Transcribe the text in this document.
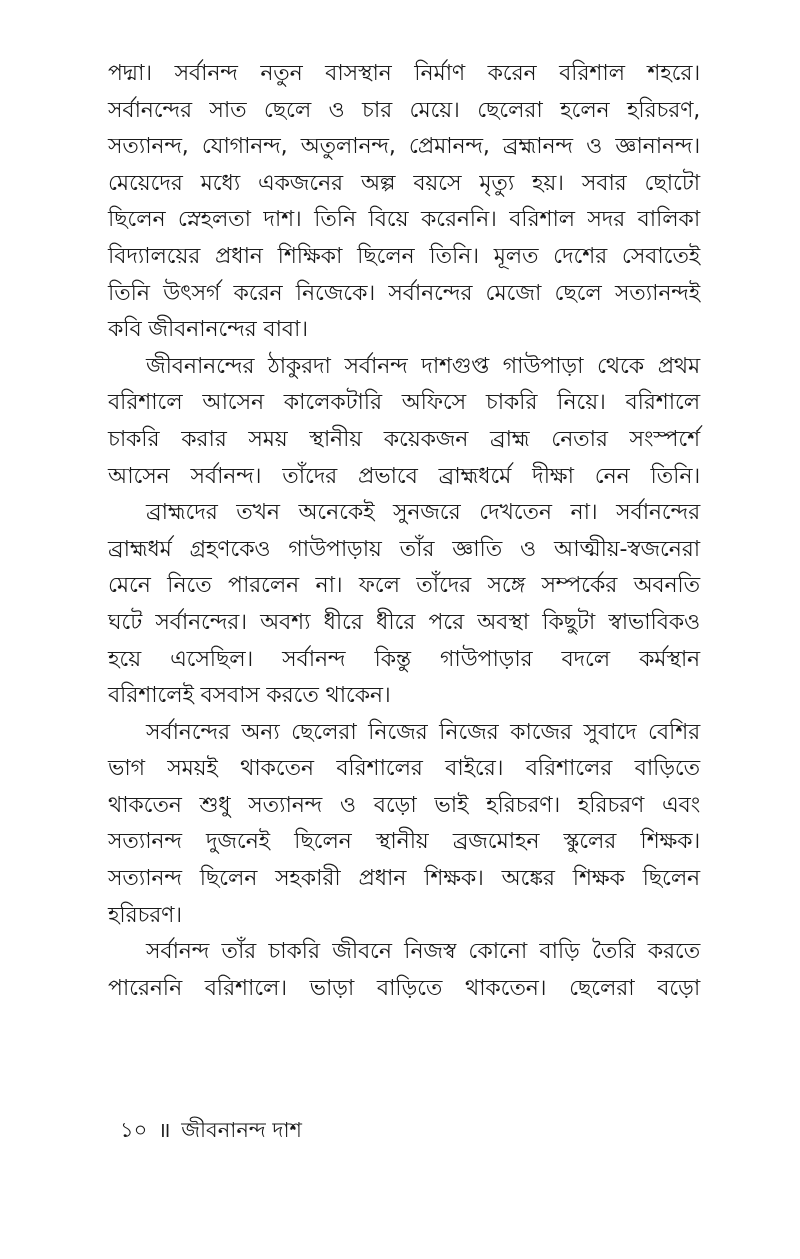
পদ্মা। সর্বানন্দ নতুন বাসস্থান নির্মাণ করেন বরিশাল শহরে।
সর্বানন্দের সাত ছেলে ও চার মেয়ে। ছেলেরা হলেন হরিচরণ,
সত্যানন্দ, যোগানন্দ, অতুলানন্দ, প্রেমানন্দ, ব্রহ্মানন্দ ও জ্ঞানানন্দ।
মেয়েদের মধ্যে একজনের অল্প বয়সে মৃত্যু হয়। সবার ছোটো
ছিলেন স্নেহলতা দাশ। তিনি বিয়ে করেননি। বরিশাল সদর বালিকা
বিদ্যালয়ের প্রধান শিক্ষিকা ছিলেন তিনি। মূলত দেশের সেবাতেই
তিনি উৎসর্গ করেন নিজেকে। সর্বানন্দের মেজো ছেলে সত্যানন্দই
কবি জীবনানন্দের বাবা।
জীবনানন্দের ঠাকুরদা সর্বানন্দ দাশগুপ্ত গাউপাড়া থেকে প্রথম
বরিশালে আসেন কালেকটারি অফিসে চাকরি নিয়ে। বরিশালে
চাকরি করার সময় স্থানীয় কয়েকজন ব্রাহ্ম নেতার সংস্পর্শে
আসেন সর্বানন্দ। তাঁদের প্রভাবে ব্রাহ্মধর্মে দীক্ষা নেন তিনি।
ব্রাহ্মদের তখন অনেকেই সুনজরে দেখতেন না। সর্বানন্দের
ব্রাহ্মধর্ম গ্রহণকেও গাউপাড়ায় তাঁর জ্ঞাতি ও আত্মীয়-স্বজনেরা
মেনে নিতে পারলেন না। ফলে তাঁদের সঙ্গে সম্পর্কের অবনতি
ঘটে সর্বানন্দের। অবশ্য ধীরে ধীরে পরে অবস্থা কিছুটা স্বাভাবিকও
হয়ে এসেছিল। সর্বানন্দ কিন্তু গাউপাড়ার বদলে কর্মস্থান
বরিশালেই বসবাস করতে থাকেন।
সর্বানন্দের অন্য ছেলেরা নিজের নিজের কাজের সুবাদে বেশির
ভাগ সময়ই থাকতেন বরিশালের বাইরে। বরিশালের বাড়িতে
থাকতেন শুধু সত্যানন্দ ও বড়ো ভাই হরিচরণ। হরিচরণ এবং
সত্যানন্দ দুজনেই ছিলেন স্থানীয় ব্রজমোহন স্কুলের শিক্ষক।
সত্যানন্দ ছিলেন সহকারী প্রধান শিক্ষক। অঙ্কের শিক্ষক ছিলেন
হরিচরণ।
সর্বানন্দ তাঁর চাকরি জীবনে নিজস্ব কোনো বাড়ি তৈরি করতে
পারেননি বরিশালে। ভাড়া বাড়িতে থাকতেন। ছেলেরা বড়ো
১০ ॥ জীবনানন্দ দাশ
